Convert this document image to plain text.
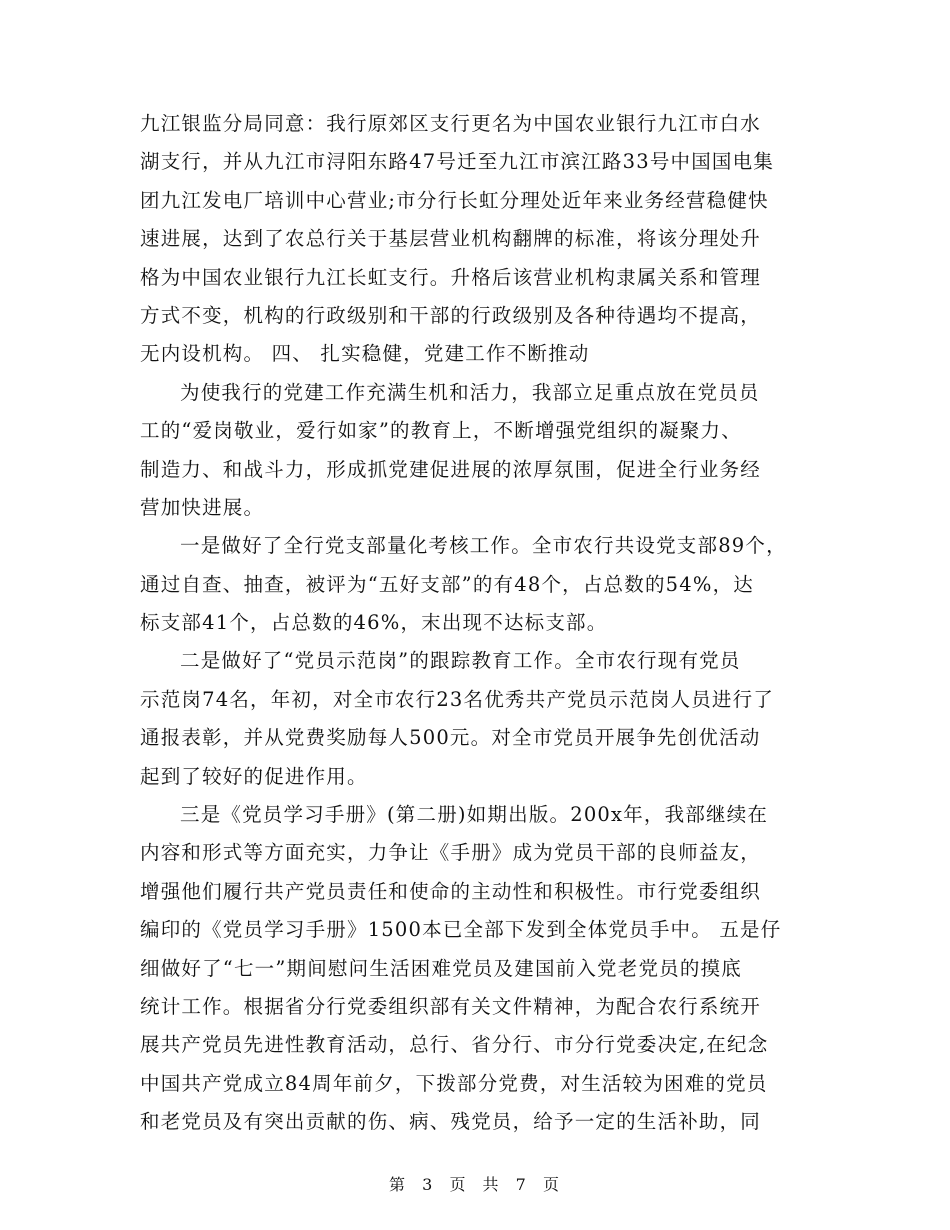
九江银监分局同意：我行原郊区支行更名为中国农业银行九江市白水
湖支行，并从九江市浔阳东路47号迁至九江市滨江路33号中国国电集
团九江发电厂培训中心营业;市分行长虹分理处近年来业务经营稳健快
速进展，达到了农总行关于基层营业机构翻牌的标准，将该分理处升
格为中国农业银行九江长虹支行。升格后该营业机构隶属关系和管理
方式不变，机构的行政级别和干部的行政级别及各种待遇均不提高，
无内设机构。 四、 扎实稳健，党建工作不断推动
为使我行的党建工作充满生机和活力，我部立足重点放在党员员
工的“爱岗敬业，爱行如家”的教育上，不断增强党组织的凝聚力、
制造力、和战斗力，形成抓党建促进展的浓厚氛围，促进全行业务经
营加快进展。
一是做好了全行党支部量化考核工作。全市农行共设党支部89个，
通过自查、抽查，被评为“五好支部”的有48个，占总数的54%，达
标支部41个，占总数的46%，末出现不达标支部。
二是做好了“党员示范岗”的跟踪教育工作。全市农行现有党员
示范岗74名，年初，对全市农行23名优秀共产党员示范岗人员进行了
通报表彰，并从党费奖励每人500元。对全市党员开展争先创优活动
起到了较好的促进作用。
三是《党员学习手册》(第二册)如期出版。200x年，我部继续在
内容和形式等方面充实，力争让《手册》成为党员干部的良师益友，
增强他们履行共产党员责任和使命的主动性和积极性。市行党委组织
编印的《党员学习手册》1500本已全部下发到全体党员手中。 五是仔
细做好了“七一”期间慰问生活困难党员及建国前入党老党员的摸底
统计工作。根据省分行党委组织部有关文件精神，为配合农行系统开
展共产党员先进性教育活动，总行、省分行、市分行党委决定,在纪念
中国共产党成立84周年前夕，下拨部分党费，对生活较为困难的党员
和老党员及有突出贡献的伤、病、残党员，给予一定的生活补助，同
第 3 页 共 7 页
